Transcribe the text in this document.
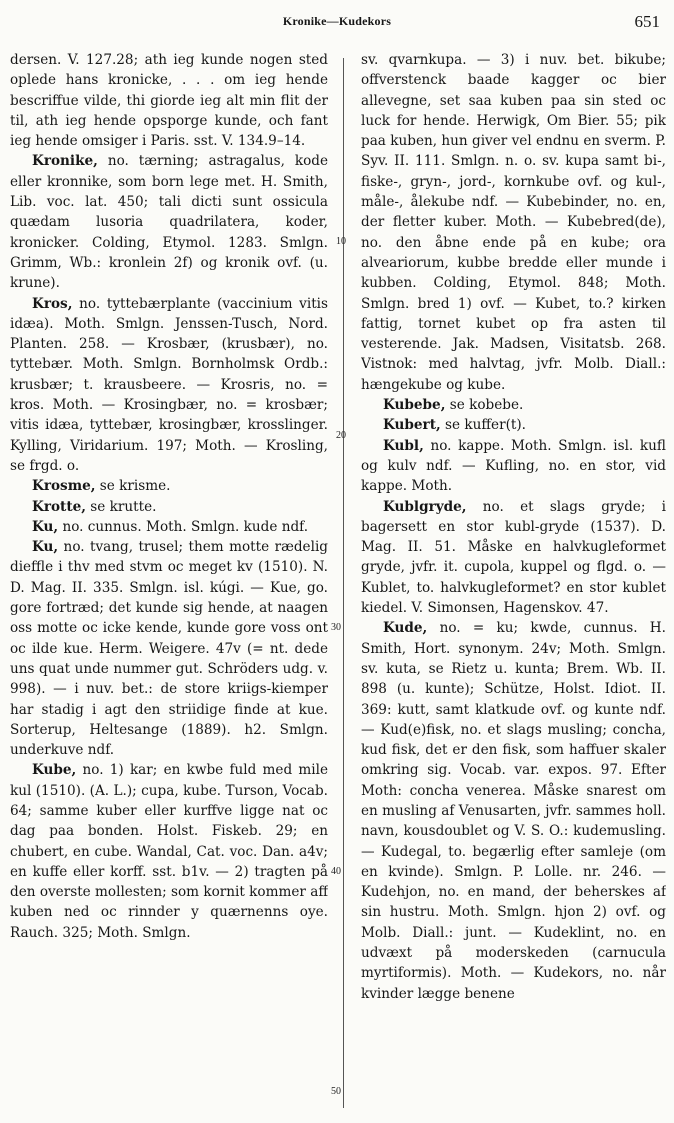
Kronike—Kudekors	651

dersen. V. 127.28; ath ieg kunde nogen sted oplede hans kronicke, . . . om ieg hende bescriffue vilde, thi giorde ieg alt min flit der til, ath ieg hende opsporge kunde, och fant ieg hende omsiger i Paris. sst. V. 134.9–14.

Kronike, no. tærning; astragalus, kode eller kronnike, som born lege met. H. Smith, Lib. voc. lat. 450; tali dicti sunt ossicula quædam lusoria quadrilatera, koder, kronicker. Colding, Etymol. 1283. Smlgn. Grimm, Wb.: kronlein 2f) og kronik ovf. (u. krune).

Kros, no. tyttebærplante (vaccinium vitis idæa). Moth. Smlgn. Jenssen-Tusch, Nord. Planten. 258. — Krosbær, (krusbær), no. tyttebær. Moth. Smlgn. Bornholmsk Ordb.: krusbær; t. krausbeere. — Krosris, no. = kros. Moth. — Krosingbær, no. = krosbær; vitis idæa, tyttebær, krosingbær, krosslinger. Kylling, Viridarium. 197; Moth. — Krosling, se frgd. o.

Krosme, se krisme.

Krotte, se krutte.

Ku, no. cunnus. Moth. Smlgn. kude ndf.

Ku, no. tvang, trusel; them motte rædelig dieffle i thv med stvm oc meget kv (1510). N. D. Mag. II. 335. Smlgn. isl. kúgi. — Kue, go. gore fortræd; det kunde sig hende, at naagen oss motte oc icke kende, kunde gore voss ont oc ilde kue. Herm. Weigere. 47v (= nt. dede uns quat unde nummer gut. Schröders udg. v. 998). — i nuv. bet.: de store kriigs-kiemper har stadig i agt den striidige finde at kue. Sorterup, Heltesange (1889). h2. Smlgn. underkuve ndf.

Kube, no. 1) kar; en kwbe fuld med mile kul (1510). (A. L.); cupa, kube. Turson, Vocab. 64; samme kuber eller kurffve ligge nat oc dag paa bonden. Holst. Fiskeb. 29; en chubert, en cube. Wandal, Cat. voc. Dan. a4v; en kuffe eller korff. sst. b1v. — 2) tragten på den overste mollesten; som kornit kommer aff kuben ned oc rinnder y quærnenns oye. Rauch. 325; Moth. Smlgn.

sv. qvarnkupa. — 3) i nuv. bet. bikube; offverstenck baade kagger oc bier allevegne, set saa kuben paa sin sted oc luck for hende. Herwigk, Om Bier. 55; pik paa kuben, hun giver vel endnu en sverm. P. Syv. II. 111. Smlgn. n. o. sv. kupa samt bi-, fiske-, gryn-, jord-, kornkube ovf. og kul-, måle-, ålekube ndf. — Kubebinder, no. en, der fletter kuber. Moth. — Kubebred(de), no. den åbne ende på en kube; ora alveariorum, kubbe bredde eller munde i kubben. Colding, Etymol. 848; Moth. Smlgn. bred 1) ovf. — Kubet, to.? kirken fattig, tornet kubet op fra asten til vesterende. Jak. Madsen, Visitatsb. 268. Vistnok: med halvtag, jvfr. Molb. Diall.: hængekube og kube.

Kubebe, se kobebe.

Kubert, se kuffer(t).

Kubl, no. kappe. Moth. Smlgn. isl. kufl og kulv ndf. — Kufling, no. en stor, vid kappe. Moth.

Kublgryde, no. et slags gryde; i bagersett en stor kubl-gryde (1537). D. Mag. II. 51. Måske en halvkugleformet gryde, jvfr. it. cupola, kuppel og flgd. o. — Kublet, to. halvkugleformet? en stor kublet kiedel. V. Simonsen, Hagenskov. 47.

Kude, no. = ku; kwde, cunnus. H. Smith, Hort. synonym. 24v; Moth. Smlgn. sv. kuta, se Rietz u. kunta; Brem. Wb. II. 898 (u. kunte); Schütze, Holst. Idiot. II. 369: kutt, samt klatkude ovf. og kunte ndf. — Kud(e)fisk, no. et slags musling; concha, kud fisk, det er den fisk, som haffuer skaler omkring sig. Vocab. var. expos. 97. Efter Moth: concha venerea. Måske snarest om en musling af Venusarten, jvfr. sammes holl. navn, kousdoublet og V. S. O.: kudemusling. — Kudegal, to. begærlig efter samleje (om en kvinde). Smlgn. P. Lolle. nr. 246. — Kudehjon, no. en mand, der beherskes af sin hustru. Moth. Smlgn. hjon 2) ovf. og Molb. Diall.: junt. — Kudeklint, no. en udvæxt på moderskeden (carnucula myrtiformis). Moth. — Kudekors, no. når kvinder lægge benene

10
20
30
40
50
